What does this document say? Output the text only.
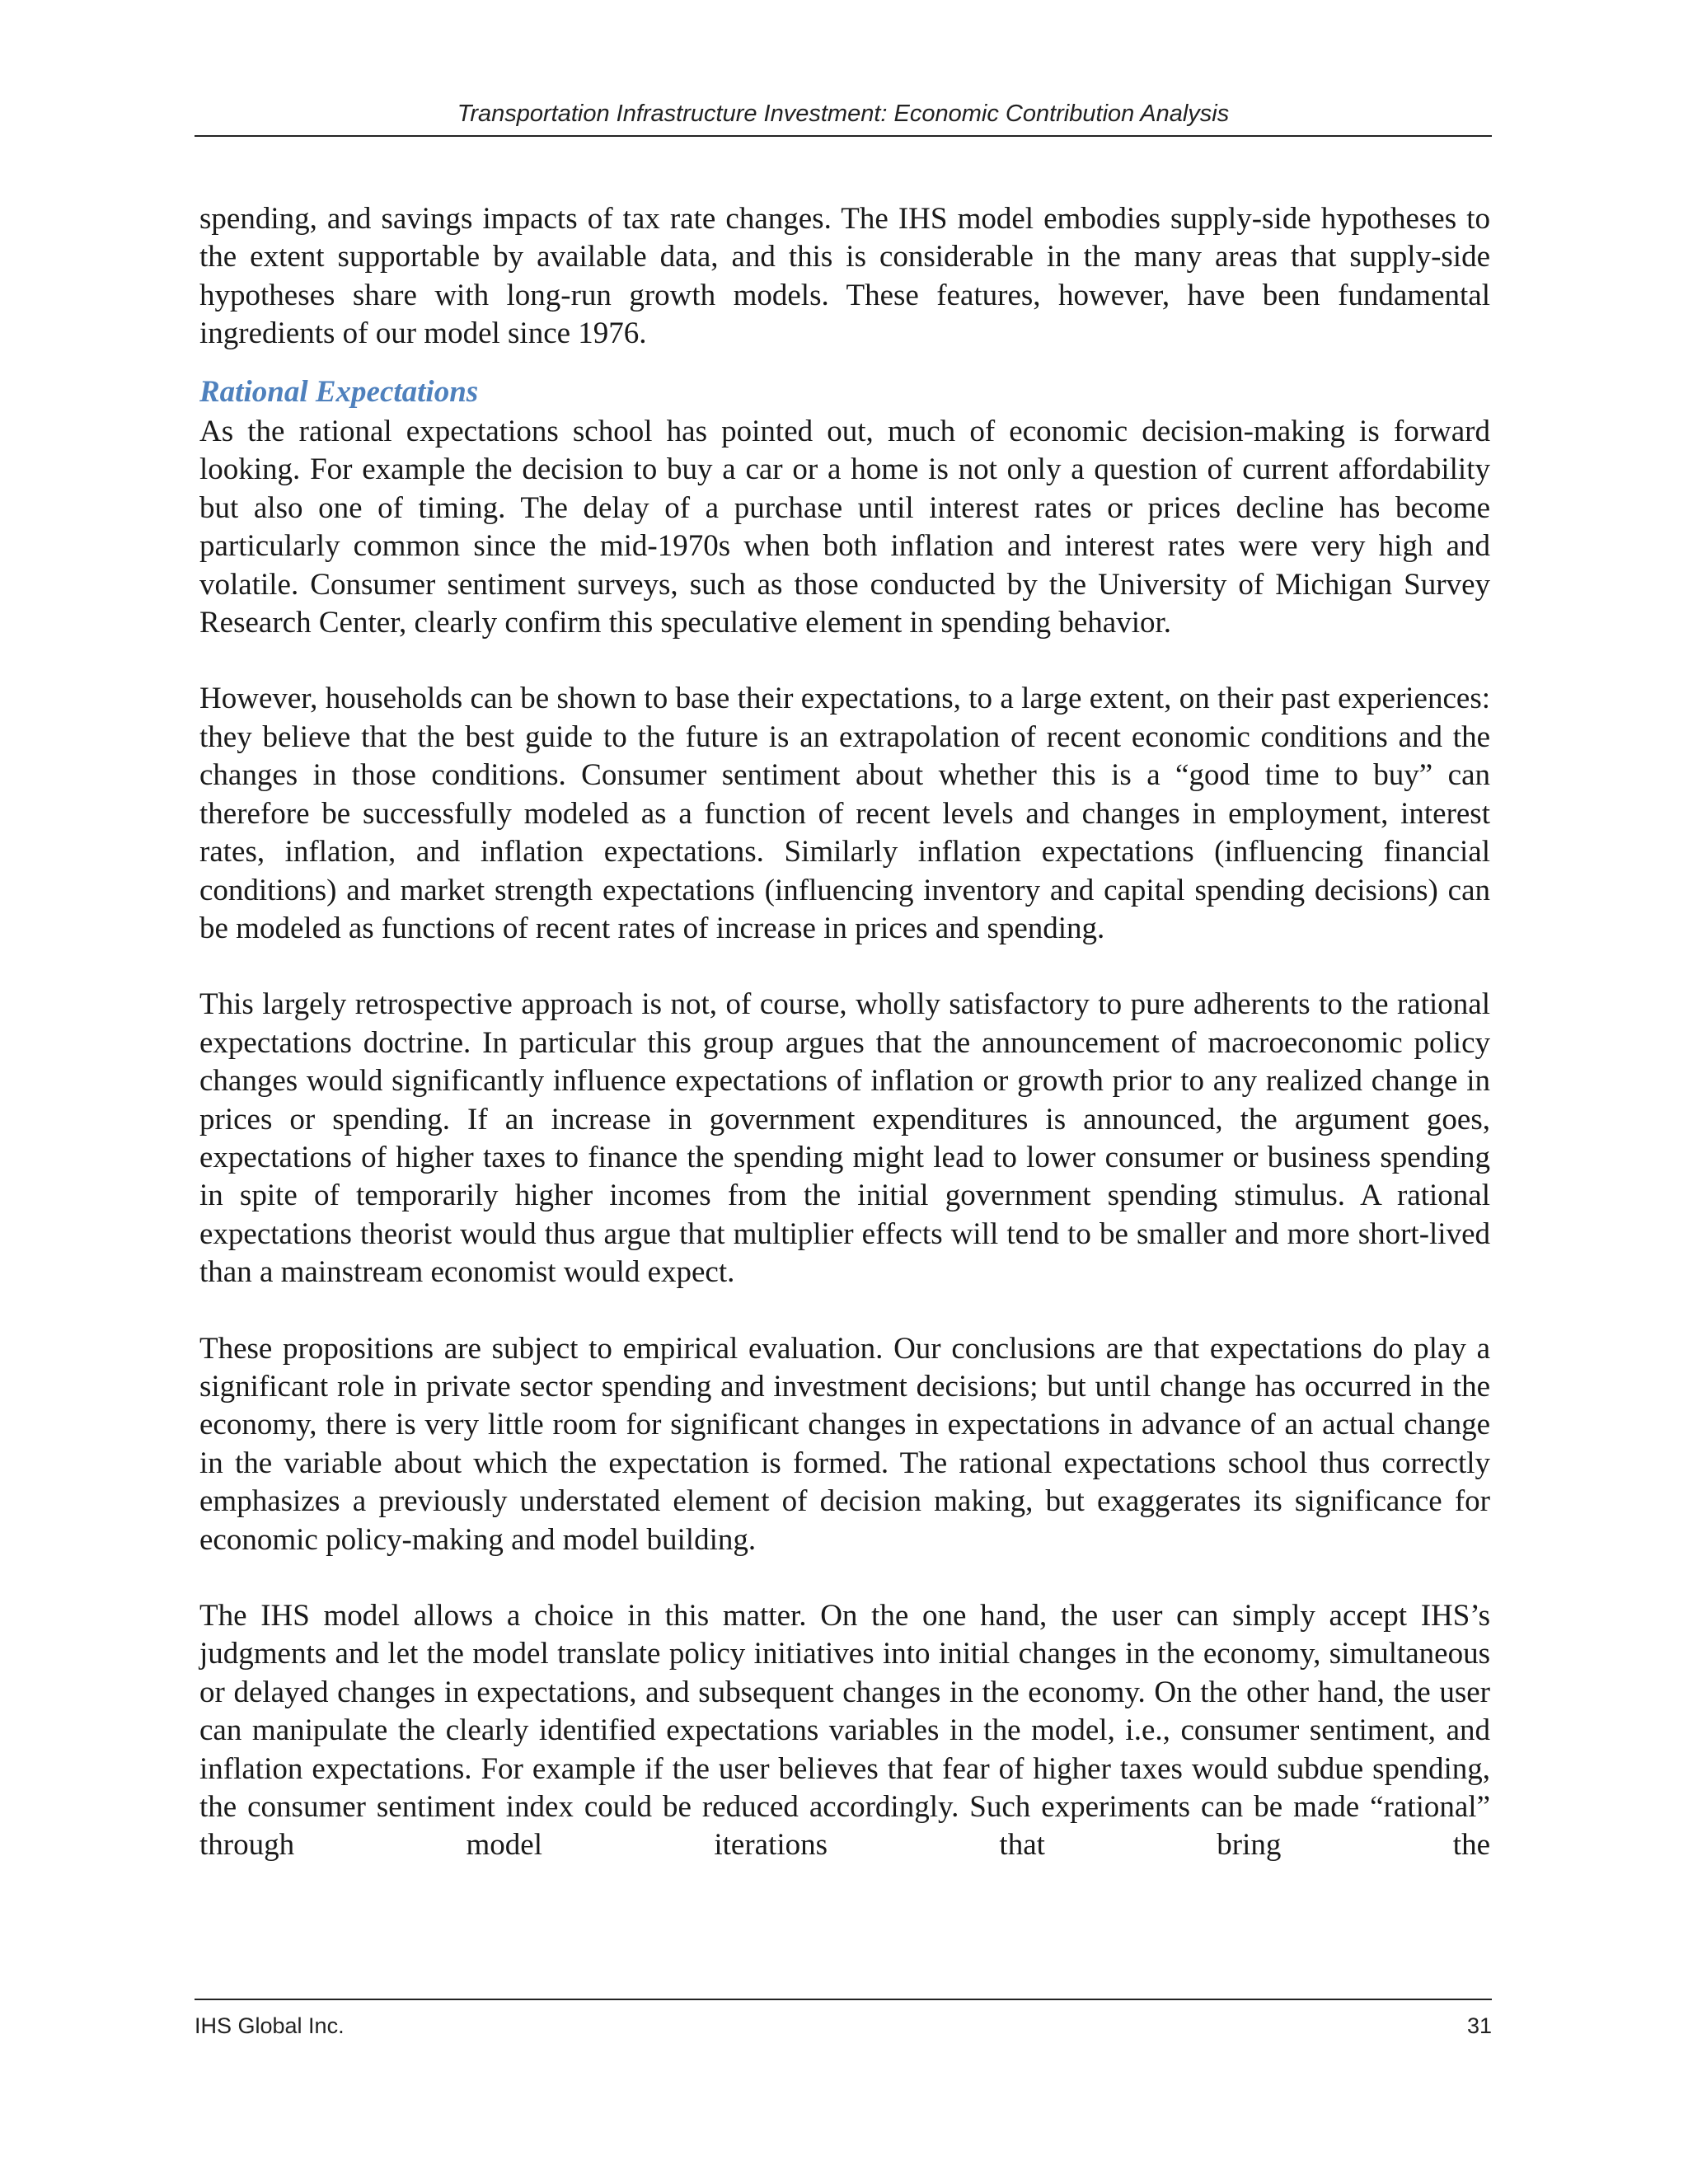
Transportation Infrastructure Investment: Economic Contribution Analysis

spending, and savings impacts of tax rate changes. The IHS model embodies supply-side hypotheses to the extent supportable by available data, and this is considerable in the many areas that supply-side hypotheses share with long-run growth models. These features, however, have been fundamental ingredients of our model since 1976.

Rational Expectations

As the rational expectations school has pointed out, much of economic decision-making is forward looking. For example the decision to buy a car or a home is not only a question of current affordability but also one of timing. The delay of a purchase until interest rates or prices decline has become particularly common since the mid-1970s when both inflation and interest rates were very high and volatile. Consumer sentiment surveys, such as those conducted by the University of Michigan Survey Research Center, clearly confirm this speculative element in spending behavior.

However, households can be shown to base their expectations, to a large extent, on their past experiences: they believe that the best guide to the future is an extrapolation of recent economic conditions and the changes in those conditions. Consumer sentiment about whether this is a “good time to buy” can therefore be successfully modeled as a function of recent levels and changes in employment, interest rates, inflation, and inflation expectations. Similarly inflation expectations (influencing financial conditions) and market strength expectations (influencing inventory and capital spending decisions) can be modeled as functions of recent rates of increase in prices and spending.

This largely retrospective approach is not, of course, wholly satisfactory to pure adherents to the rational expectations doctrine. In particular this group argues that the announcement of macroeconomic policy changes would significantly influence expectations of inflation or growth prior to any realized change in prices or spending. If an increase in government expenditures is announced, the argument goes, expectations of higher taxes to finance the spending might lead to lower consumer or business spending in spite of temporarily higher incomes from the initial government spending stimulus. A rational expectations theorist would thus argue that multiplier effects will tend to be smaller and more short-lived than a mainstream economist would expect.

These propositions are subject to empirical evaluation. Our conclusions are that expectations do play a significant role in private sector spending and investment decisions; but until change has occurred in the economy, there is very little room for significant changes in expectations in advance of an actual change in the variable about which the expectation is formed. The rational expectations school thus correctly emphasizes a previously understated element of decision making, but exaggerates its significance for economic policy-making and model building.

The IHS model allows a choice in this matter. On the one hand, the user can simply accept IHS’s judgments and let the model translate policy initiatives into initial changes in the economy, simultaneous or delayed changes in expectations, and subsequent changes in the economy. On the other hand, the user can manipulate the clearly identified expectations variables in the model, i.e., consumer sentiment, and inflation expectations. For example if the user believes that fear of higher taxes would subdue spending, the consumer sentiment index could be reduced accordingly. Such experiments can be made “rational” through model iterations that bring the

IHS Global Inc.	31
